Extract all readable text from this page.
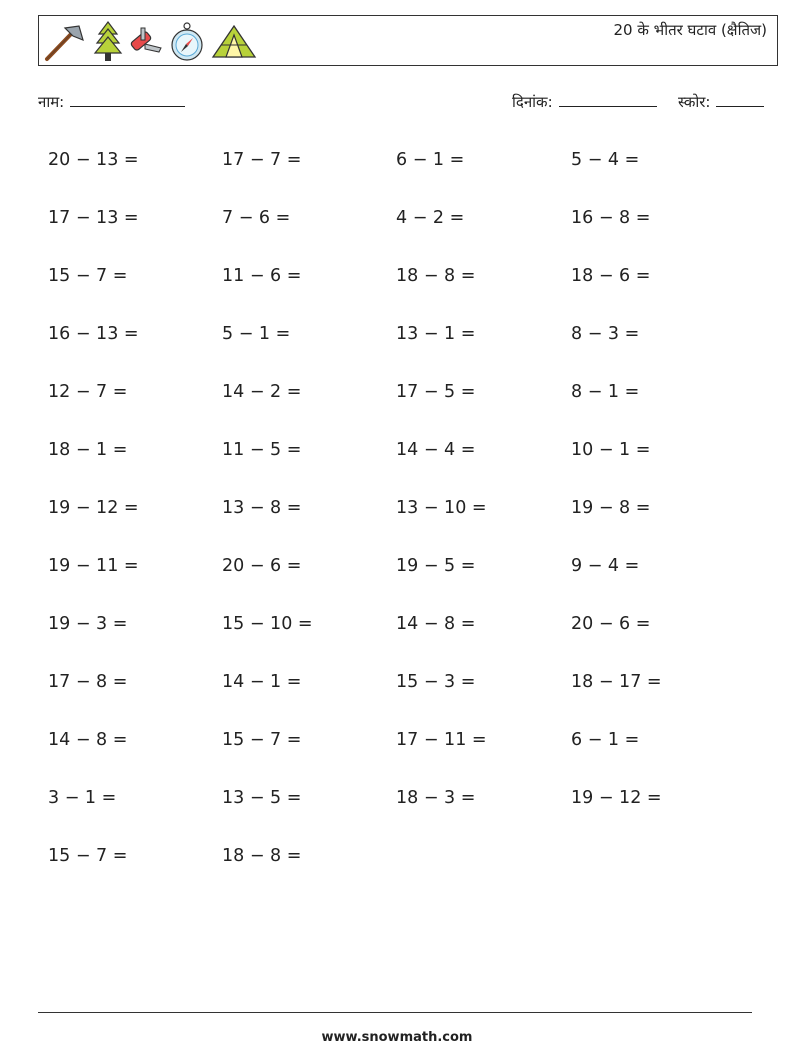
20 के भीतर घटाव (क्षैतिज)
नाम:	दिनांक:	स्कोर:
20 − 13 =	17 − 7 =	6 − 1 =	5 − 4 =
17 − 13 =	7 − 6 =	4 − 2 =	16 − 8 =
15 − 7 =	11 − 6 =	18 − 8 =	18 − 6 =
16 − 13 =	5 − 1 =	13 − 1 =	8 − 3 =
12 − 7 =	14 − 2 =	17 − 5 =	8 − 1 =
18 − 1 =	11 − 5 =	14 − 4 =	10 − 1 =
19 − 12 =	13 − 8 =	13 − 10 =	19 − 8 =
19 − 11 =	20 − 6 =	19 − 5 =	9 − 4 =
19 − 3 =	15 − 10 =	14 − 8 =	20 − 6 =
17 − 8 =	14 − 1 =	15 − 3 =	18 − 17 =
14 − 8 =	15 − 7 =	17 − 11 =	6 − 1 =
3 − 1 =	13 − 5 =	18 − 3 =	19 − 12 =
15 − 7 =	18 − 8 =
www.snowmath.com
